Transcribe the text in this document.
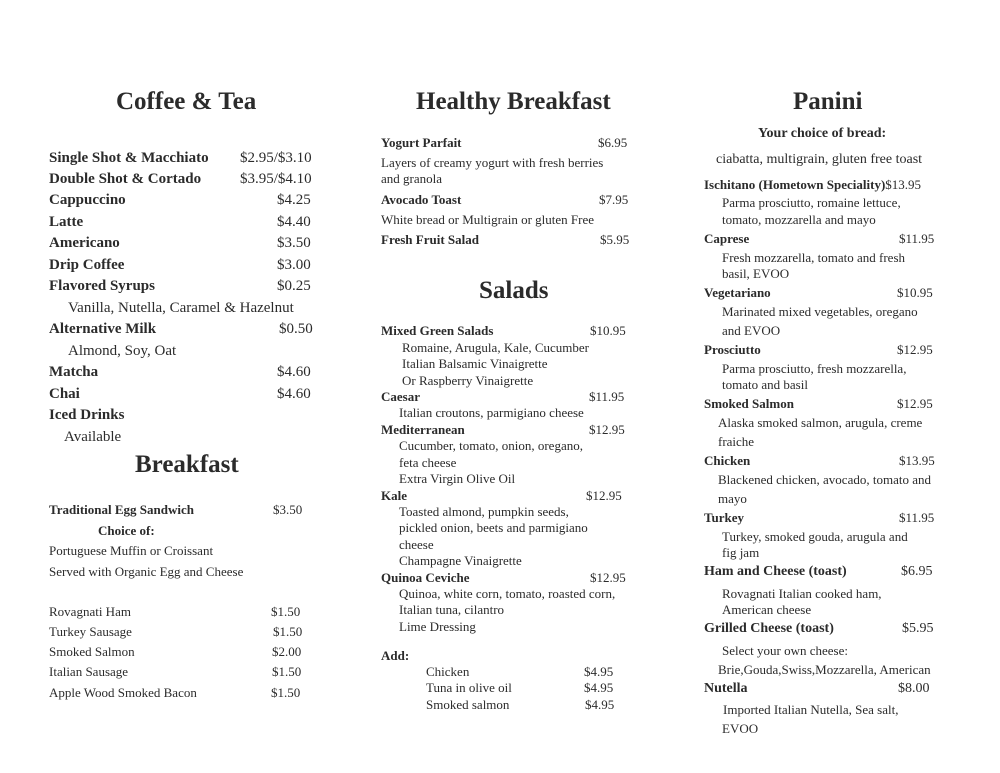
Coffee & Tea
Single Shot & Macchiato $2.95/$3.10
Double Shot & Cortado	$3.95/$4.10
Cappuccino	$4.25
Latte	$4.40
Americano	$3.50
Drip Coffee	$3.00
Flavored Syrups	$0.25
Vanilla, Nutella, Caramel & Hazelnut
Alternative Milk	$0.50
Almond, Soy, Oat
Matcha	$4.60
Chai	$4.60
Iced Drinks
Available
Breakfast
Traditional Egg Sandwich	$3.50
Choice of:
Portuguese Muffin or Croissant
Served with Organic Egg and Cheese
Rovagnati Ham	$1.50
Turkey Sausage	$1.50
Smoked Salmon	$2.00
Italian Sausage	$1.50
Apple Wood Smoked Bacon	$1.50
Healthy Breakfast
Yogurt Parfait	$6.95
Layers of creamy yogurt with fresh berries
and granola
Avocado Toast	$7.95
White bread or Multigrain or gluten Free
Fresh Fruit Salad	$5.95
Salads
Mixed Green Salads	$10.95
Romaine, Arugula, Kale, Cucumber
Italian Balsamic Vinaigrette
Or Raspberry Vinaigrette
Caesar	$11.95
Italian croutons, parmigiano cheese
Mediterranean	$12.95
Cucumber, tomato, onion, oregano,
feta cheese
Extra Virgin Olive Oil
Kale	$12.95
Toasted almond, pumpkin seeds,
pickled onion, beets and parmigiano
cheese
Champagne Vinaigrette
Quinoa Ceviche	$12.95
Quinoa, white corn, tomato, roasted corn,
Italian tuna, cilantro
Lime Dressing
Add:
Chicken	$4.95
Tuna in olive oil	$4.95
Smoked salmon	$4.95
Panini
Your choice of bread:
ciabatta, multigrain, gluten free toast
Ischitano (Hometown Speciality)$13.95
Parma prosciutto, romaine lettuce,
tomato, mozzarella and mayo
Caprese	$11.95
Fresh mozzarella, tomato and fresh
basil, EVOO
Vegetariano	$10.95
Marinated mixed vegetables, oregano
and EVOO
Prosciutto	$12.95
Parma prosciutto, fresh mozzarella,
tomato and basil
Smoked Salmon	$12.95
Alaska smoked salmon, arugula, creme
fraiche
Chicken	$13.95
Blackened chicken, avocado, tomato and
mayo
Turkey	$11.95
Turkey, smoked gouda, arugula and
fig jam
Ham and Cheese (toast)	$6.95
Rovagnati Italian cooked ham,
American cheese
Grilled Cheese (toast)	$5.95
Select your own cheese:
Brie,Gouda,Swiss,Mozzarella, American
Nutella	$8.00
Imported Italian Nutella, Sea salt,
EVOO
